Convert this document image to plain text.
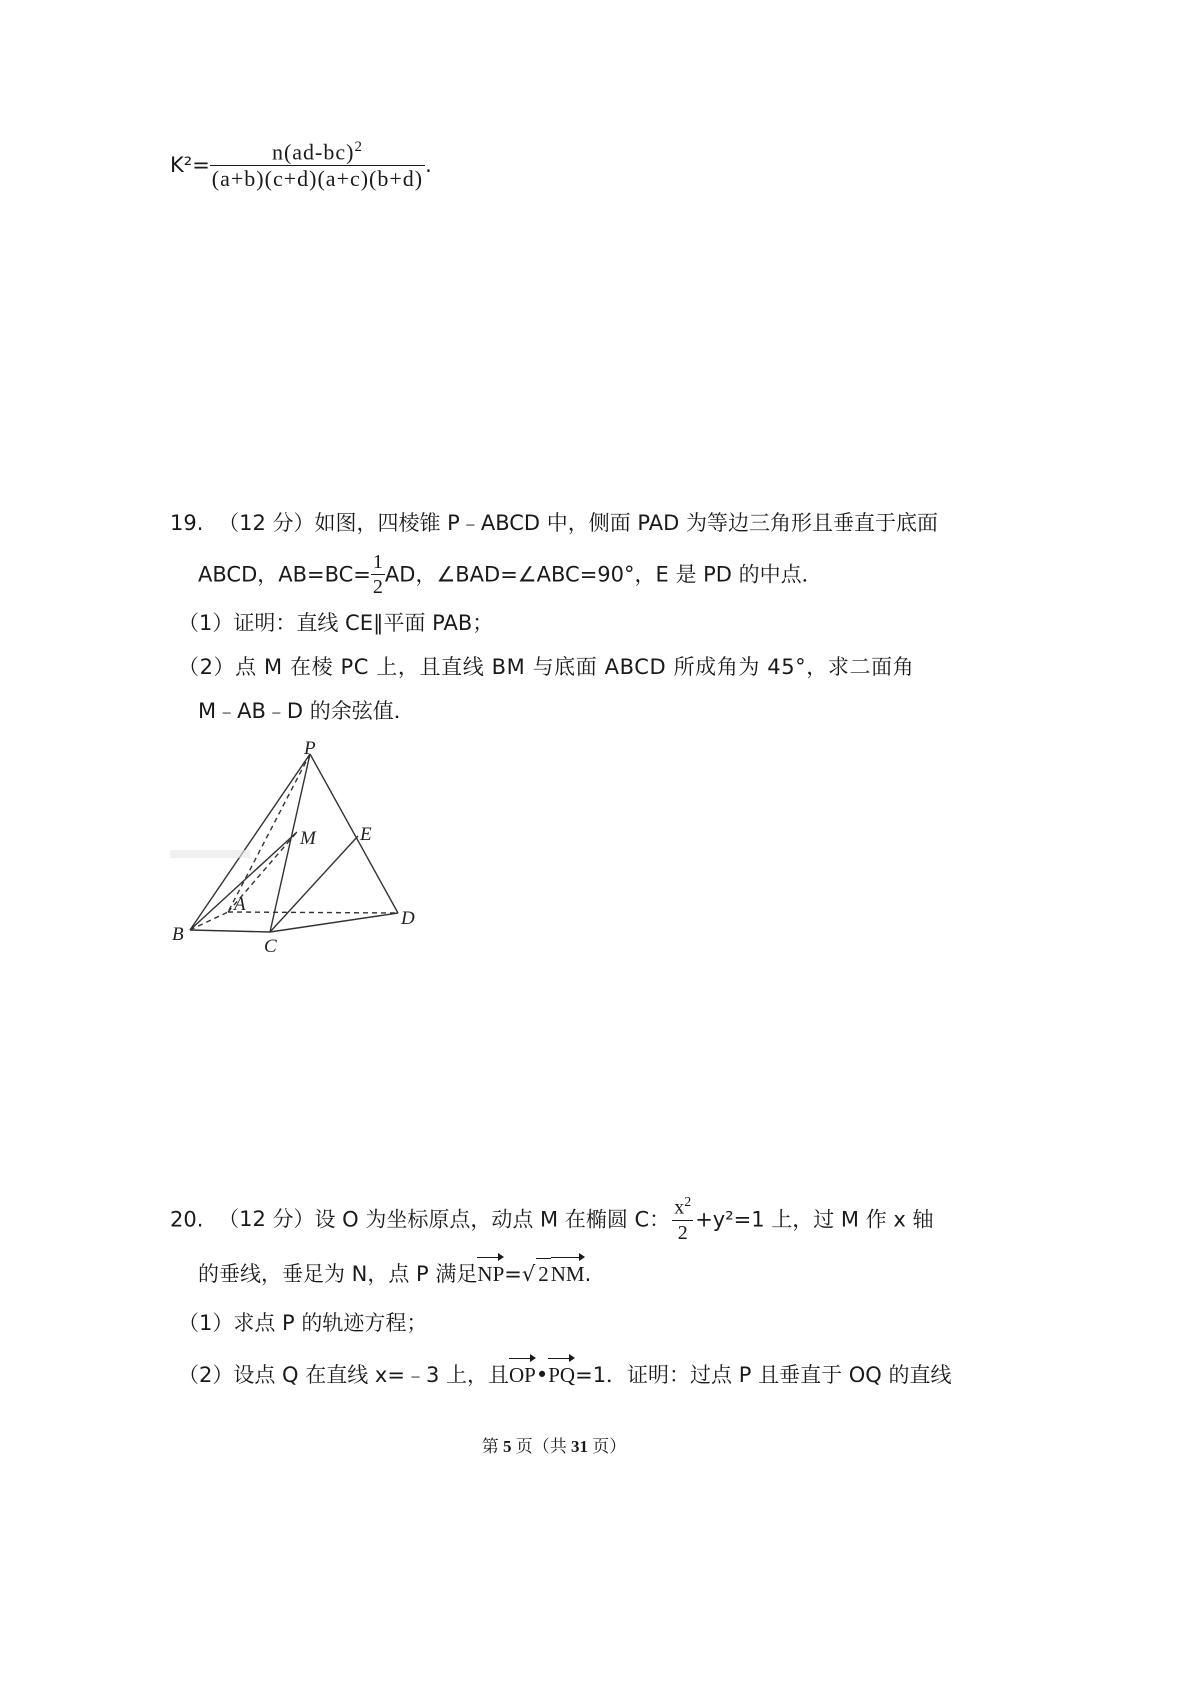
$K^2= \frac{n(ad-bc)^2}{(a+b)(c+d)(a+c)(b+d)}$ .
19. （12 分）如图，四棱锥 P﹣ABCD 中，侧面 PAD 为等边三角形且垂直于底面
ABCD，$AB=BC= \frac{1}{2}$ AD，∠BAD=∠ABC=90°，E 是 PD 的中点．
（1）证明：直线 CE∥平面 PAB；
（2）点 M 在棱 PC 上，且直线 BM 与底面 ABCD 所成角为 45°，求二面角
M﹣AB﹣D 的余弦值．
P
M E
A
B
C
D
20. （12 分）设 O 为坐标原点，动点 M 在椭圆 C： $\frac{x^2}{2} +y^2=1$ 上，过 M 作 x 轴
的垂线，垂足为 N，点 P 满足NP=√ 2NM.
（1）求点 P 的轨迹方程；
（2）设点 Q 在直线 x=﹣3 上，且OP•PQ=1．证明：过点 P 且垂直于 OQ 的直线
第 5 页（共 31 页）
